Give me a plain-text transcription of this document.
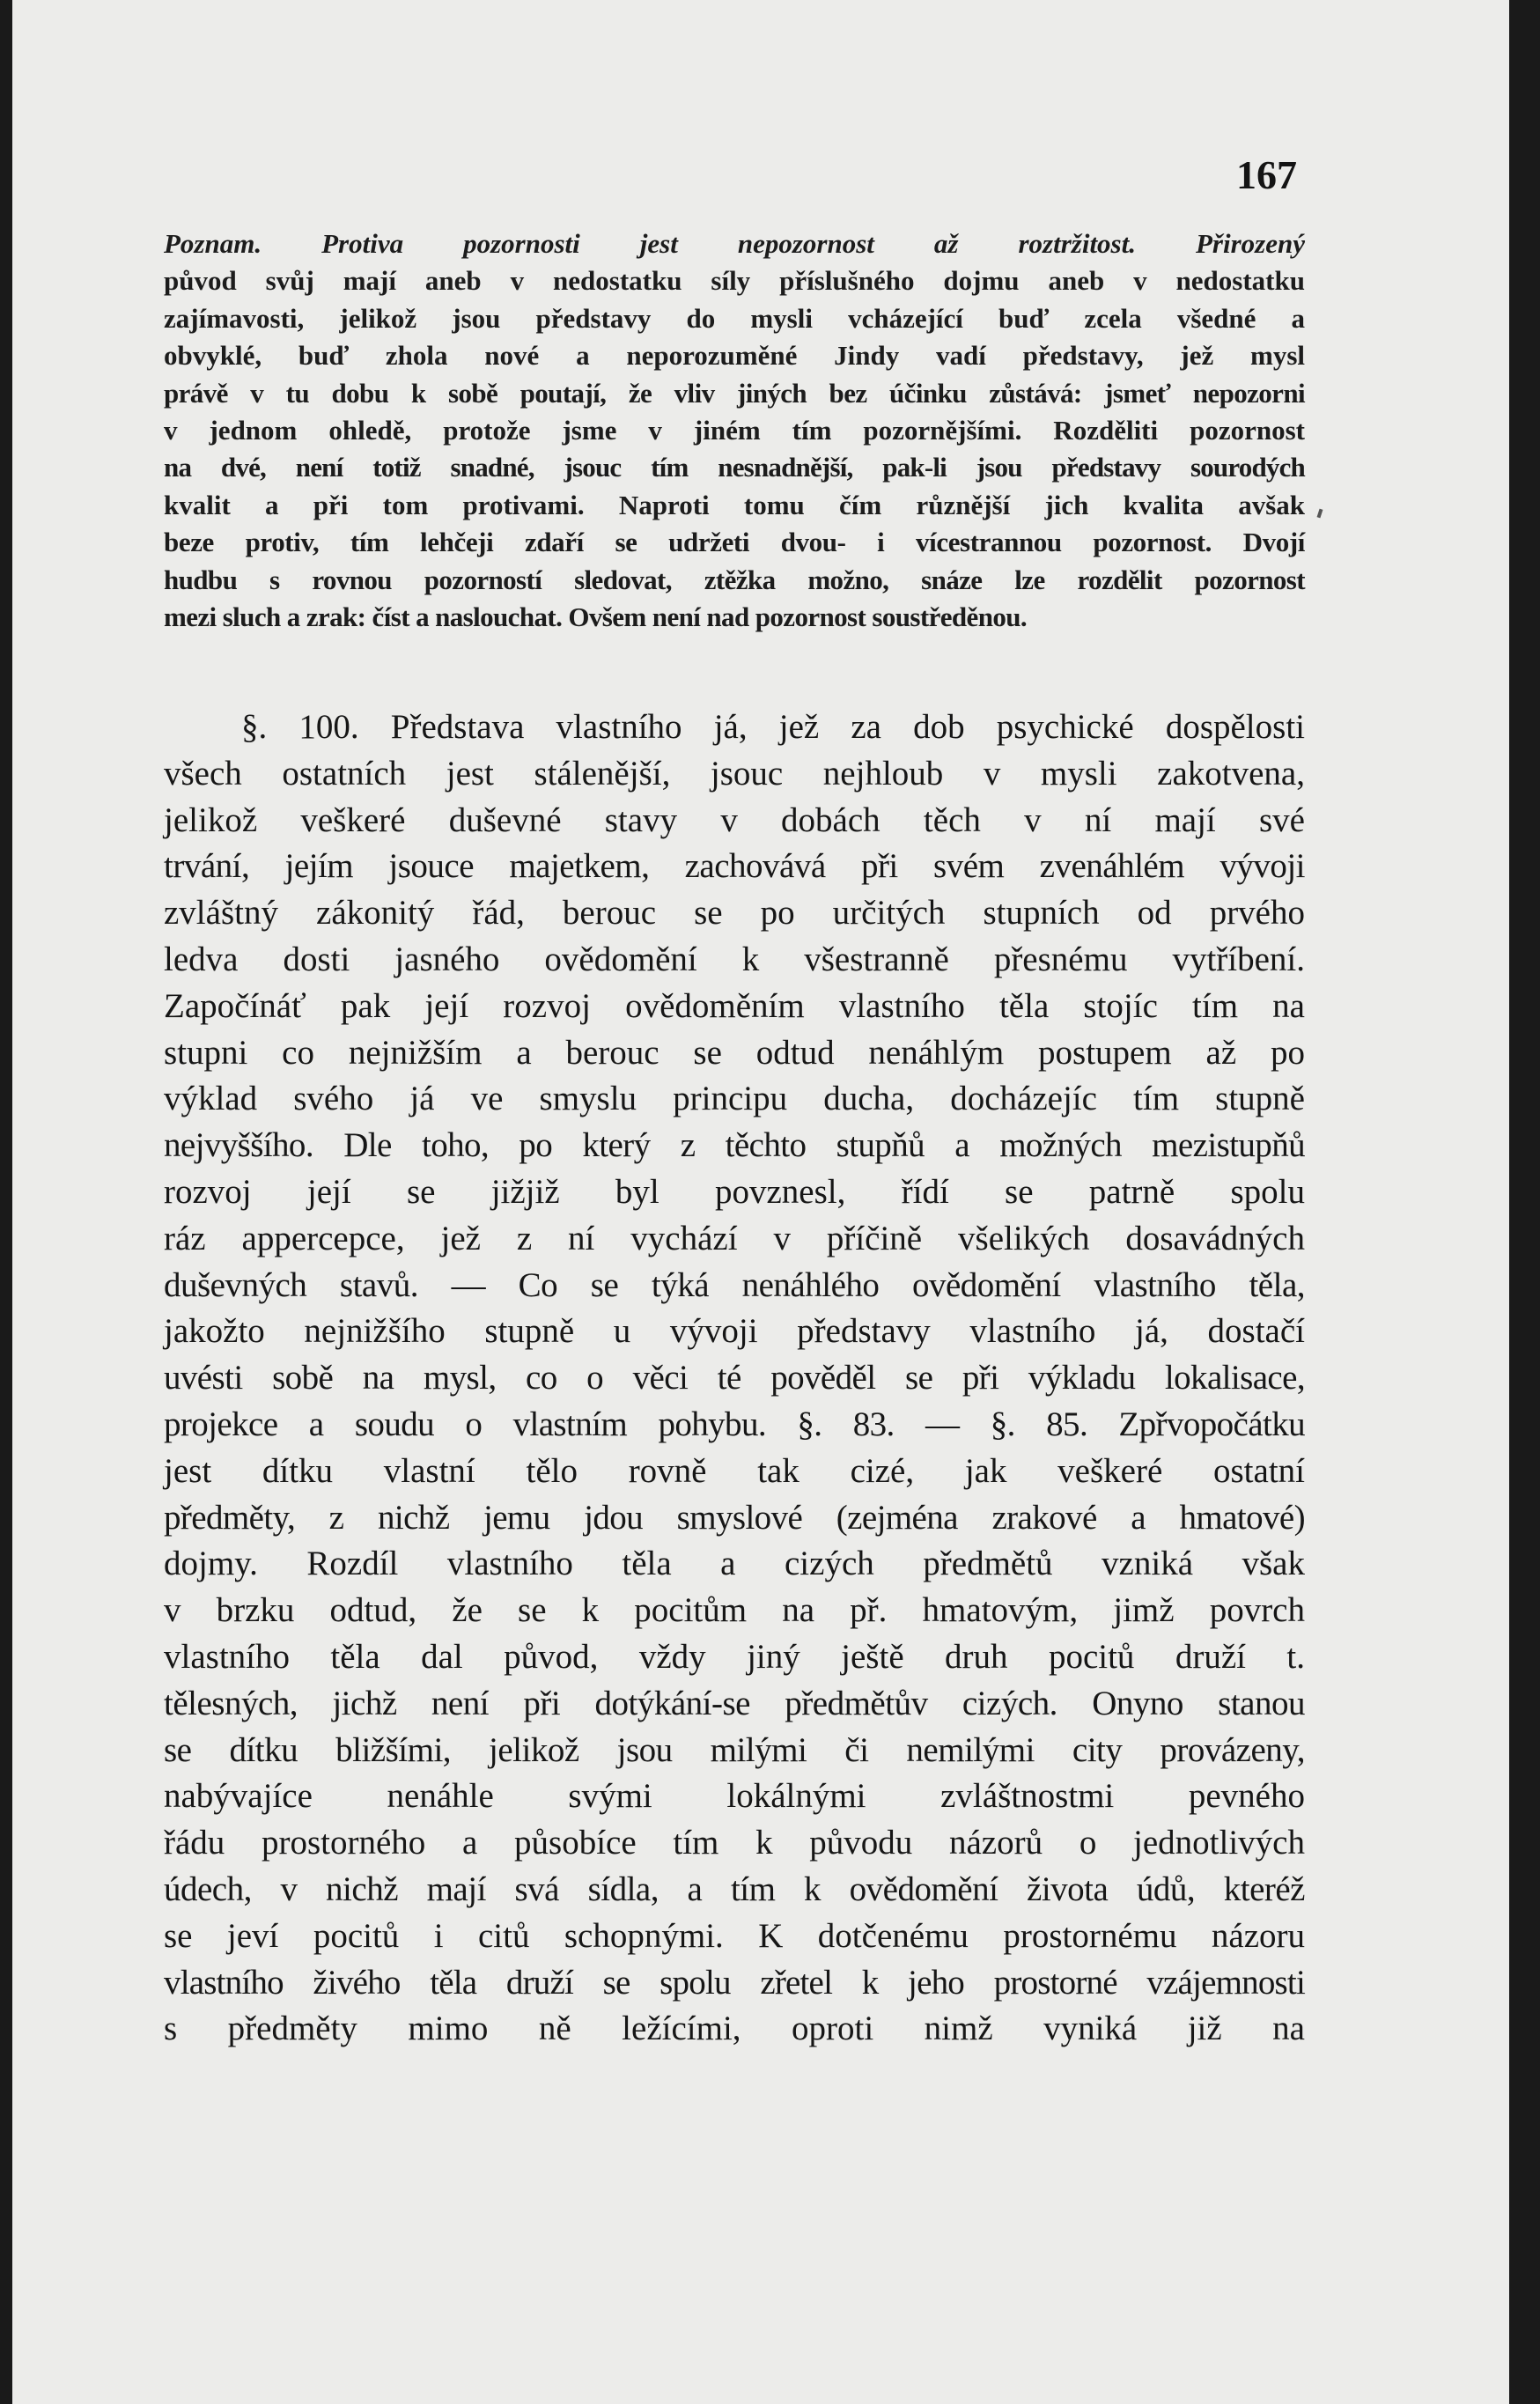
167
Poznam. Protiva pozornosti jest nepozornost až roztržitost. Přirozený
původ svůj mají aneb v nedostatku síly příslušného dojmu aneb v nedostatku
zajímavosti, jelikož jsou představy do mysli vcházející buď zcela všedné a
obvyklé, buď zhola nové a neporozuměné Jindy vadí představy, jež mysl
právě v tu dobu k sobě poutají, že vliv jiných bez účinku zůstává: jsmeť nepozorni
v jednom ohledě, protože jsme v jiném tím pozornějšími. Rozděliti pozornost
na dvé, není totiž snadné, jsouc tím nesnadnější, pak-li jsou představy sourodých
kvalit a při tom protivami. Naproti tomu čím různější jich kvalita avšak
beze protiv, tím lehčeji zdaří se udržeti dvou- i vícestrannou pozornost. Dvojí
hudbu s rovnou pozorností sledovat, ztěžka možno, snáze lze rozdělit pozornost
mezi sluch a zrak: číst a naslouchat. Ovšem není nad pozornost soustředěnou.
§. 100. Představa vlastního já, jež za dob psychické dospělosti
všech ostatních jest stálenější, jsouc nejhloub v mysli zakotvena,
jelikož veškeré duševné stavy v dobách těch v ní mají své
trvání, jejím jsouce majetkem, zachovává při svém zvenáhlém vývoji
zvláštný zákonitý řád, berouc se po určitých stupních od prvého
ledva dosti jasného ovědomění k všestranně přesnému vytříbení.
Započínáť pak její rozvoj ovědoměním vlastního těla stojíc tím na
stupni co nejnižším a berouc se odtud nenáhlým postupem až po
výklad svého já ve smyslu principu ducha, docházejíc tím stupně
nejvyššího. Dle toho, po který z těchto stupňů a možných mezistupňů
rozvoj její se jižjiž byl povznesl, řídí se patrně spolu
ráz appercepce, jež z ní vychází v příčině všelikých dosavádných
duševných stavů. — Co se týká nenáhlého ovědomění vlastního těla,
jakožto nejnižšího stupně u vývoji představy vlastního já, dostačí
uvésti sobě na mysl, co o věci té pověděl se při výkladu lokalisace,
projekce a soudu o vlastním pohybu. §. 83. — §. 85. Zpřvopočátku
jest dítku vlastní tělo rovně tak cizé, jak veškeré ostatní
předměty, z nichž jemu jdou smyslové (zejména zrakové a hmatové)
dojmy. Rozdíl vlastního těla a cizých předmětů vzniká však
v brzku odtud, že se k pocitům na př. hmatovým, jimž povrch
vlastního těla dal původ, vždy jiný ještě druh pocitů druží t.
tělesných, jichž není při dotýkání-se předmětův cizých. Onyno stanou
se dítku bližšími, jelikož jsou milými či nemilými city provázeny,
nabývajíce nenáhle svými lokálnými zvláštnostmi pevného
řádu prostorného a působíce tím k původu názorů o jednotlivých
údech, v nichž mají svá sídla, a tím k ovědomění života údů, kteréž
se jeví pocitů i citů schopnými. K dotčenému prostornému názoru
vlastního živého těla druží se spolu zřetel k jeho prostorné vzájemnosti
s předměty mimo ně ležícími, oproti nimž vyniká již na
